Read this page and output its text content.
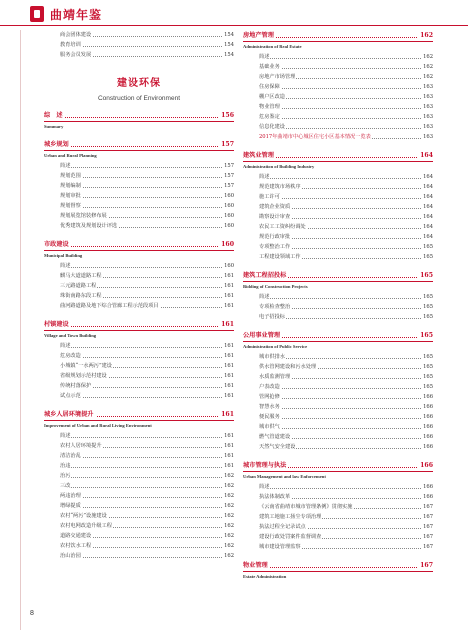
曲靖年鉴
商会团体建设	154
教育培训	154
服务会员发展	154
建设环保
Construction of Environment
综　述	156
Summary
城乡规划	157
Urban and Rural Planning
简述	157
规划范围	157
规划编制	157
规划审批	160
规划督察	160
规划展览馆装修布展	160
优秀建筑及规划设计评选	160
市政建设	160
Municipal Building
简述	160
麒马大道道路工程	161
三元路道路工程	161
珠街南路东段工程	161
曲河路道路及地下综合管廊工程示范段项目	161
村镇建设	161
Village and Town Building
简述	161
危房改造	161
小城镇“一水两污”建设	161
省级规划示范村建设	161
传统村落保护	161
试点示范	161
城乡人居环境提升	161
Improvement of Urban and Rural Living Environment
简述	161
农村人居环境提升	161
清洁治乱	161
治违	161
治污	162
三改	162
两违治理	162
增绿提质	162
农村“两污”设施建设	162
农村电网改造升级工程	162
道路交通建设	162
农村饮水工程	162
治山治园	162
房地产管理	162
Administration of Real Estate
简述	162
基础业务	162
房地产市场管理	162
住房保障	163
棚户区改造	163
物业管理	163
危房鉴定	163
信息化建设	163
2017年曲靖市中心城区住宅小区基本情况一览表	163
建筑业管理	164
Administration of Building Industry
简述	164
规范建筑市场秩序	164
施工许可	164
建筑企业资质	164
勘察设计审查	164
农民工工资纠纷调处	164
规范行政审批	164
专项整治工作	165
工程建设领域工作	165
建筑工程招投标	165
Bidding of Construction Projects
简述	165
专项检查整治	165
电子招投标	165
公用事业管理	165
Administration of Public Service
城市供排水	165
供水管网建设和污水处理	165
水质监测管理	165
户表改造	165
管网抢修	166
智慧水务	166
便民服务	166
城市供气	166
燃气管道建设	166
天然气安全建设	166
城市管理与执法	166
Urban Management and law Enforcement
简述	166
执法体制改革	166
《云南省曲靖市城市管理条例》贯彻实施	167
建筑工地施工扬尘专项治理	167
执法过程全记录试点	167
建设行政处罚案件监督调查	167
城市建设管理监察	167
物业管理	167
Estate Administration
8
